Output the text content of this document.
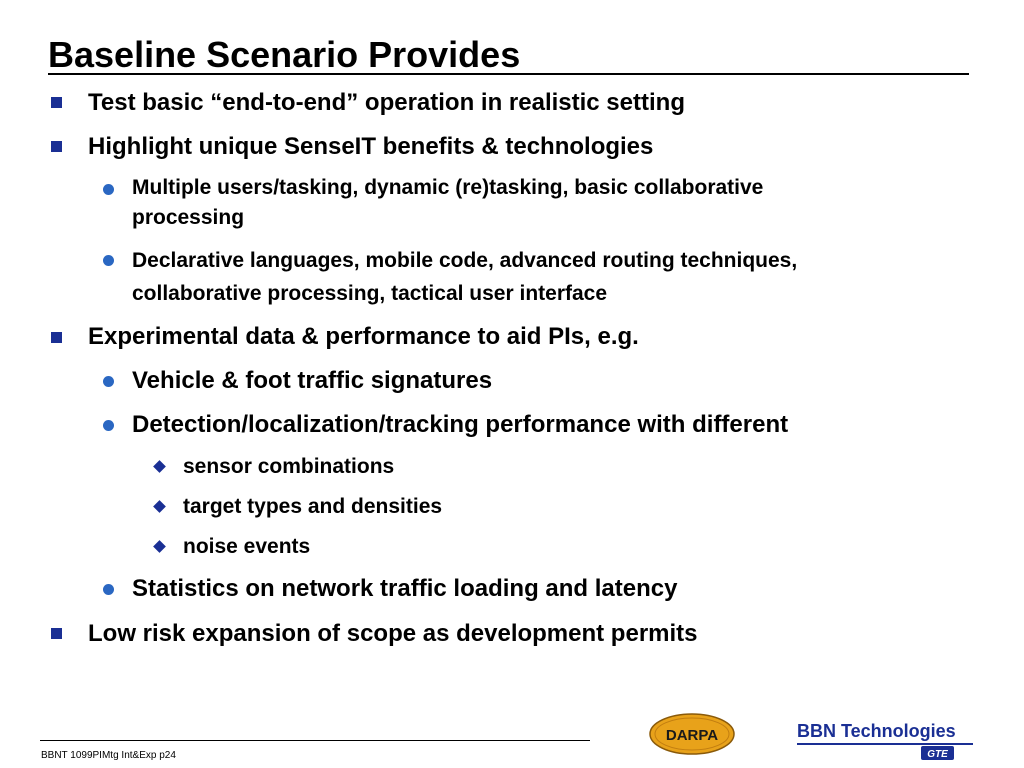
Baseline Scenario Provides
Test basic “end-to-end” operation in realistic setting
Highlight unique SenseIT benefits & technologies
Multiple users/tasking, dynamic (re)tasking, basic collaborative
processing
Declarative languages, mobile code, advanced routing techniques,
collaborative processing, tactical user interface
Experimental data & performance to aid PIs, e.g.
Vehicle & foot traffic signatures
Detection/localization/tracking performance with different
sensor combinations
target types and densities
noise events
Statistics on network traffic loading and latency
Low risk expansion of scope as development permits
BBNT 1099PIMtg Int&Exp p24
DARPA	BBN Technologies
GTE
